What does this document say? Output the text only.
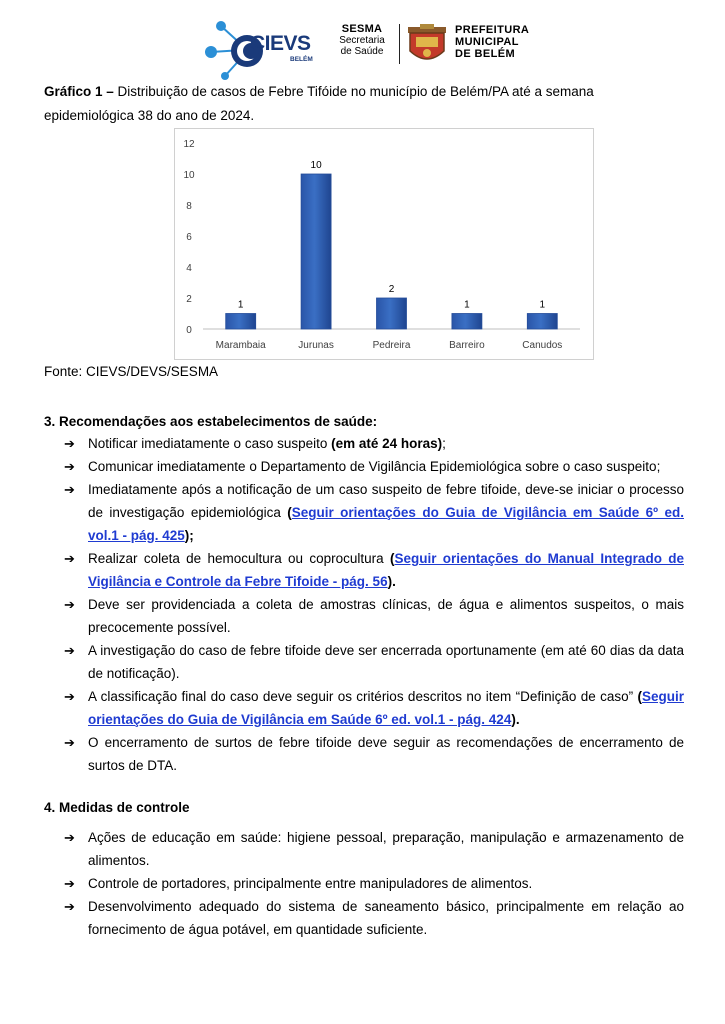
CIEVS
BELÉM
SESMA
Secretaria
de Saúde
PREFEITURA
MUNICIPAL
DE BELÉM
Gráfico 1 – Distribuição de casos de Febre Tifóide no município de Belém/PA até a semana epidemiológica 38 do ano de 2024.
0
2
4
6
8
10
12
1
Marambaia
10
Jurunas
2
Pedreira
1
Barreiro
1
Canudos
Fonte: CIEVS/DEVS/SESMA
3. Recomendações aos estabelecimentos de saúde:
➔ Notificar imediatamente o caso suspeito (em até 24 horas);
➔ Comunicar imediatamente o Departamento de Vigilância Epidemiológica sobre o caso suspeito;
➔ Imediatamente após a notificação de um caso suspeito de febre tifoide, deve-se iniciar o processo de investigação epidemiológica (Seguir orientações do Guia de Vigilância em Saúde 6º ed. vol.1 - pág. 425);
➔ Realizar coleta de hemocultura ou coprocultura (Seguir orientações do Manual Integrado de Vigilância e Controle da Febre Tifoide - pág. 56).
➔ Deve ser providenciada a coleta de amostras clínicas, de água e alimentos suspeitos, o mais precocemente possível.
➔ A investigação do caso de febre tifoide deve ser encerrada oportunamente (em até 60 dias da data de notificação).
➔ A classificação final do caso deve seguir os critérios descritos no item “Definição de caso” (Seguir orientações do Guia de Vigilância em Saúde 6º ed. vol.1 - pág. 424).
➔ O encerramento de surtos de febre tifoide deve seguir as recomendações de encerramento de surtos de DTA.
4. Medidas de controle
➔ Ações de educação em saúde: higiene pessoal, preparação, manipulação e armazenamento de alimentos.
➔ Controle de portadores, principalmente entre manipuladores de alimentos.
➔ Desenvolvimento adequado do sistema de saneamento básico, principalmente em relação ao fornecimento de água potável, em quantidade suficiente.
